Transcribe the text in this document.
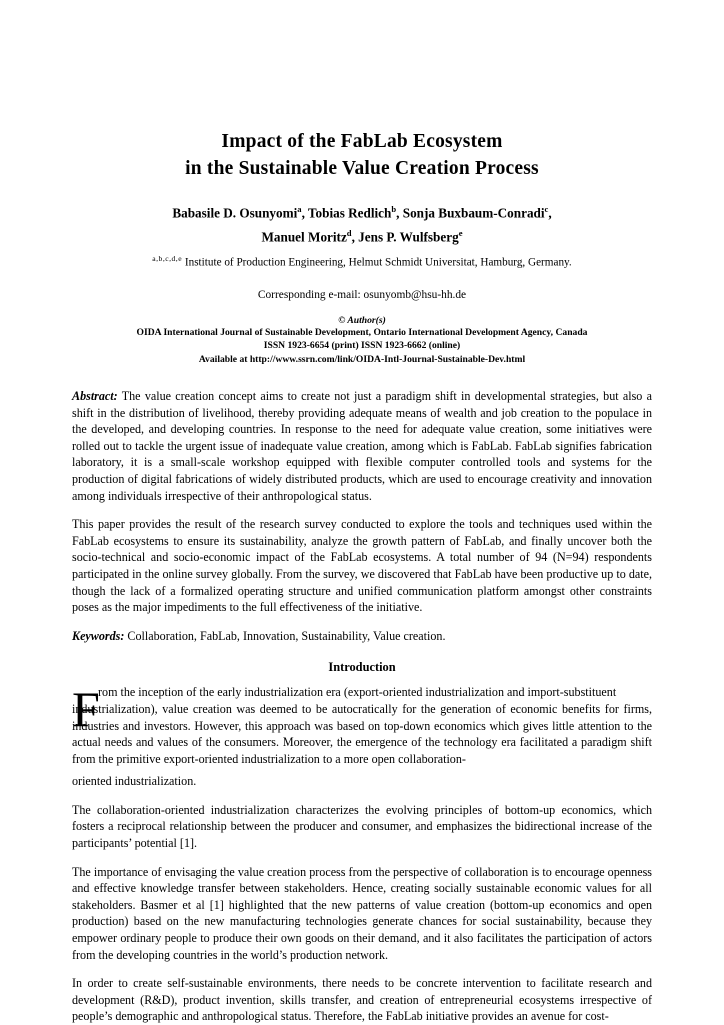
Impact of the FabLab Ecosystem
in the Sustainable Value Creation Process
Babasile D. Osunyomi$^a$, Tobias Redlich$^b$, Sonja Buxbaum-Conradi$^c$,
Manuel Moritz$^d$, Jens P. Wulfsberg$^e$
$^{a,b,c,d,e}$ Institute of Production Engineering, Helmut Schmidt Universitat, Hamburg, Germany.
Corresponding e-mail: osunyomb@hsu-hh.de
© Author(s)
OIDA International Journal of Sustainable Development, Ontario International Development Agency, Canada
ISSN 1923-6654 (print) ISSN 1923-6662 (online)
Available at http://www.ssrn.com/link/OIDA-Intl-Journal-Sustainable-Dev.html

Abstract: The value creation concept aims to create not just a paradigm shift in developmental strategies, but also a shift in the distribution of livelihood, thereby providing adequate means of wealth and job creation to the populace in the developed, and developing countries. In response to the need for adequate value creation, some initiatives were rolled out to tackle the urgent issue of inadequate value creation, among which is FabLab. FabLab signifies fabrication laboratory, it is a small-scale workshop equipped with flexible computer controlled tools and systems for the production of digital fabrications of widely distributed products, which are used to encourage creativity and innovation among individuals irrespective of their anthropological status.

This paper provides the result of the research survey conducted to explore the tools and techniques used within the FabLab ecosystems to ensure its sustainability, analyze the growth pattern of FabLab, and finally uncover both the socio-technical and socio-economic impact of the FabLab ecosystems. A total number of 94 (N=94) respondents participated in the online survey globally. From the survey, we discovered that FabLab have been productive up to date, though the lack of a formalized operating structure and unified communication platform amongst other constraints poses as the major impediments to the full effectiveness of the initiative.

Keywords: Collaboration, FabLab, Innovation, Sustainability, Value creation.

Introduction
F
rom the inception of the early industrialization era (export-oriented industrialization and import-substituent
industrialization), value creation was deemed to be autocratically for the generation of economic benefits for firms, industries and investors. However, this approach was based on top-down economics which gives little attention to the actual needs and values of the consumers. Moreover, the emergence of the technology era facilitated a paradigm shift from the primitive export-oriented industrialization to a more open collaboration-

oriented industrialization.

The collaboration-oriented industrialization characterizes the evolving principles of bottom-up economics, which fosters a reciprocal relationship between the producer and consumer, and emphasizes the bidirectional increase of the participants’ potential [1].

The importance of envisaging the value creation process from the perspective of collaboration is to encourage openness and effective knowledge transfer between stakeholders. Hence, creating socially sustainable economic values for all stakeholders. Basmer et al [1] highlighted that the new patterns of value creation (bottom-up economics and open production) based on the new manufacturing technologies generate chances for social sustainability, because they empower ordinary people to produce their own goods on their demand, and it also facilitates the participation of actors from the developing countries in the world’s production network.

In order to create self-sustainable environments, there needs to be concrete intervention to facilitate research and development (R&D), product invention, skills transfer, and creation of entrepreneurial ecosystems irrespective of people’s demographic and anthropological status. Therefore, the FabLab initiative provides an avenue for cost-
